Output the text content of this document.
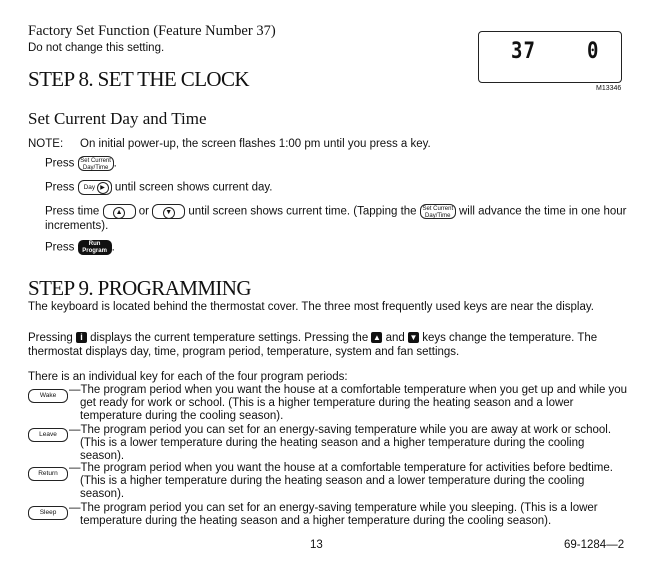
Factory Set Function (Feature Number 37)
Do not change this setting.	37	0
M13346
STEP 8. SET THE CLOCK
Set Current Day and Time
NOTE: On initial power-up, the screen flashes 1:00 pm until you press a key.
Press Set Current
Day/Time .
Press Day ▶ until screen shows current day.
Press time ▲ or ▼ until screen shows current time. (Tapping the Set Current
Day/Time will advance the time in one hour
increments).
Press Run
Program .
STEP 9. PROGRAMMING
The keyboard is located behind the thermostat cover. The three most frequently used keys are near the display.
Pressing i displays the current temperature settings. Pressing the ▲ and ▼ keys change the temperature. The
thermostat displays day, time, program period, temperature, system and fan settings.
There is an individual key for each of the four program periods:
Wake	—The program period when you want the house at a comfortable temperature when you get up and while you
get ready for work or school. (This is a higher temperature during the heating season and a lower
temperature during the cooling season).
Leave	—The program period you can set for an energy-saving temperature while you are away at work or school.
(This is a lower temperature during the heating season and a higher temperature during the cooling
season).
Return —The program period when you want the house at a comfortable temperature for activities before bedtime.
(This is a higher temperature during the heating season and a lower temperature during the cooling
season).
Sleep	—The program period you can set for an energy-saving temperature while you sleeping. (This is a lower
temperature during the heating season and a higher temperature during the cooling season).
13	69-1284—2
